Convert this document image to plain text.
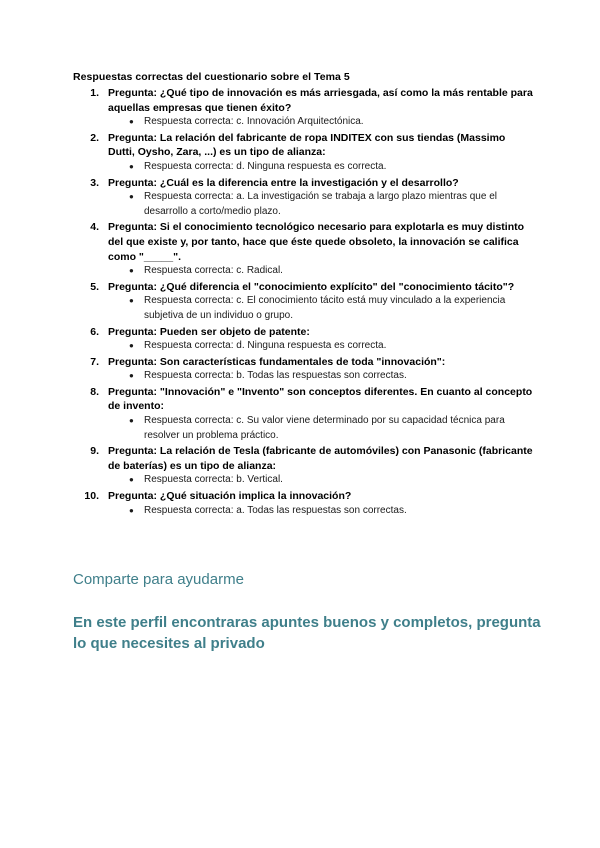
Respuestas correctas del cuestionario sobre el Tema 5
1. Pregunta: ¿Qué tipo de innovación es más arriesgada, así como la más rentable para aquellas empresas que tienen éxito?
● Respuesta correcta: c. Innovación Arquitectónica.
2. Pregunta: La relación del fabricante de ropa INDITEX con sus tiendas (Massimo Dutti, Oysho, Zara, ...) es un tipo de alianza:
● Respuesta correcta: d. Ninguna respuesta es correcta.
3. Pregunta: ¿Cuál es la diferencia entre la investigación y el desarrollo?
● Respuesta correcta: a. La investigación se trabaja a largo plazo mientras que el desarrollo a corto/medio plazo.
4. Pregunta: Si el conocimiento tecnológico necesario para explotarla es muy distinto del que existe y, por tanto, hace que éste quede obsoleto, la innovación se califica como "_____".
● Respuesta correcta: c. Radical.
5. Pregunta: ¿Qué diferencia el "conocimiento explícito" del "conocimiento tácito"?
● Respuesta correcta: c. El conocimiento tácito está muy vinculado a la experiencia subjetiva de un individuo o grupo.
6. Pregunta: Pueden ser objeto de patente:
● Respuesta correcta: d. Ninguna respuesta es correcta.
7. Pregunta: Son características fundamentales de toda "innovación":
● Respuesta correcta: b. Todas las respuestas son correctas.
8. Pregunta: "Innovación" e "Invento" son conceptos diferentes. En cuanto al concepto de invento:
● Respuesta correcta: c. Su valor viene determinado por su capacidad técnica para resolver un problema práctico.
9. Pregunta: La relación de Tesla (fabricante de automóviles) con Panasonic (fabricante de baterías) es un tipo de alianza:
● Respuesta correcta: b. Vertical.
10. Pregunta: ¿Qué situación implica la innovación?
● Respuesta correcta: a. Todas las respuestas son correctas.
Comparte para ayudarme
En este perfil encontraras apuntes buenos y completos, pregunta lo que necesites al privado
